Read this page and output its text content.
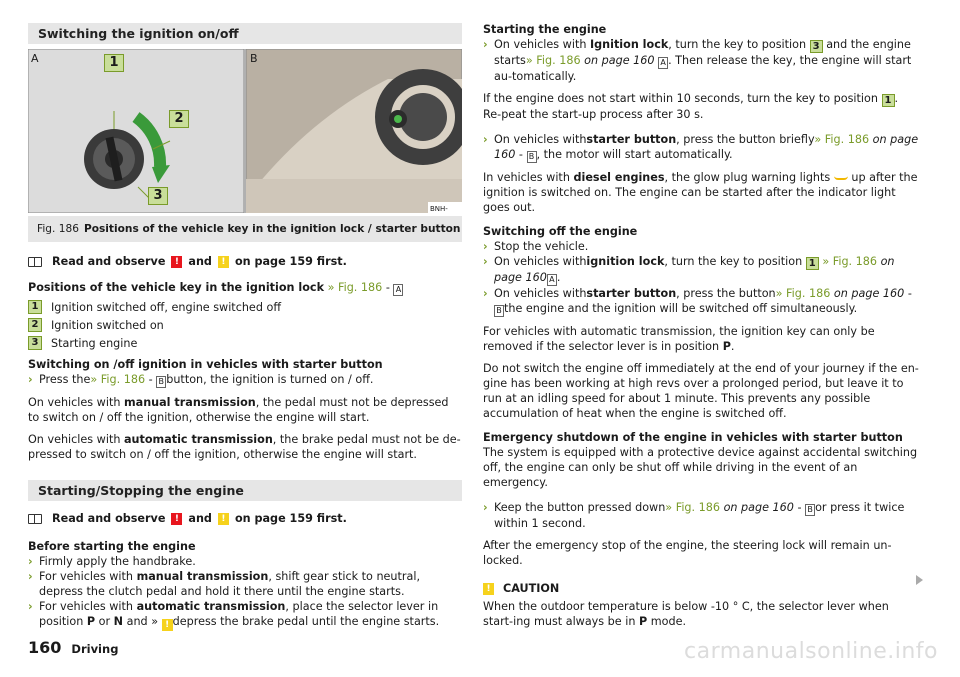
Switching the ignition on/off
A	B
1
2
3
BNH-
Fig. 186 Positions of the vehicle key in the ignition lock / starter button
Read and observe	! and	! on page 159 first.

Positions of the vehicle key in the ignition lock » Fig. 186 - A

1	Ignition switched off, engine switched off
2	Ignition switched on
3	Starting engine

Switching on /off ignition in vehicles with starter button

› Press the» Fig. 186 - B button, the ignition is turned on / off.

On vehicles with manual transmission, the pedal must not be depressed to switch on / off the ignition, otherwise the engine will start.

On vehicles with automatic transmission, the brake pedal must not be de-pressed to switch on / off the ignition, otherwise the engine will start.

Starting/Stopping the engine
Read and observe	! and	! on page 159 first.

Before starting the engine

› Firmly apply the handbrake.
› For vehicles with manual transmission, shift gear stick to neutral, depress the clutch pedal and hold it there until the engine starts.
› For vehicles with automatic transmission, place the selector lever in position P or N and » ! depress the brake pedal until the engine starts.

Starting the engine

› On vehicles with Ignition lock, turn the key to position 3 and the engine starts» Fig. 186 on page 160 A . Then release the key, the engine will start au-tomatically.

If the engine does not start within 10 seconds, turn the key to position 1 . Re-peat the start-up process after 30 s.

› On vehicles withstarter button, press the button briefly» Fig. 186 on page 160 - B , the motor will start automatically.

In vehicles with diesel engines, the glow plug warning lights up after the ignition is switched on. The engine can be started after the indicator light goes out.

Switching off the engine

› Stop the vehicle.
› On vehicles withignition lock, turn the key to position 1 » Fig. 186 on page 160 A .
› On vehicles withstarter button, press the button» Fig. 186 on page 160 - B the engine and the ignition will be switched off simultaneously.

For vehicles with automatic transmission, the ignition key can only be removed if the selector lever is in position P.

Do not switch the engine off immediately at the end of your journey if the en-gine has been working at high revs over a prolonged period, but leave it to run at an idling speed for about 1 minute. This prevents any possible accumulation of heat when the engine is switched off.

Emergency shutdown of the engine in vehicles with starter button

The system is equipped with a protective device against accidental switching off, the engine can only be shut off while driving in the event of an emergency.

› Keep the button pressed down» Fig. 186 on page 160 - B or press it twice within 1 second.

After the emergency stop of the engine, the steering lock will remain un-locked.

!	CAUTION

When the outdoor temperature is below -10 ° C, the selector lever when start-ing must always be in P mode.

160 Driving	carmanualsonline.info
